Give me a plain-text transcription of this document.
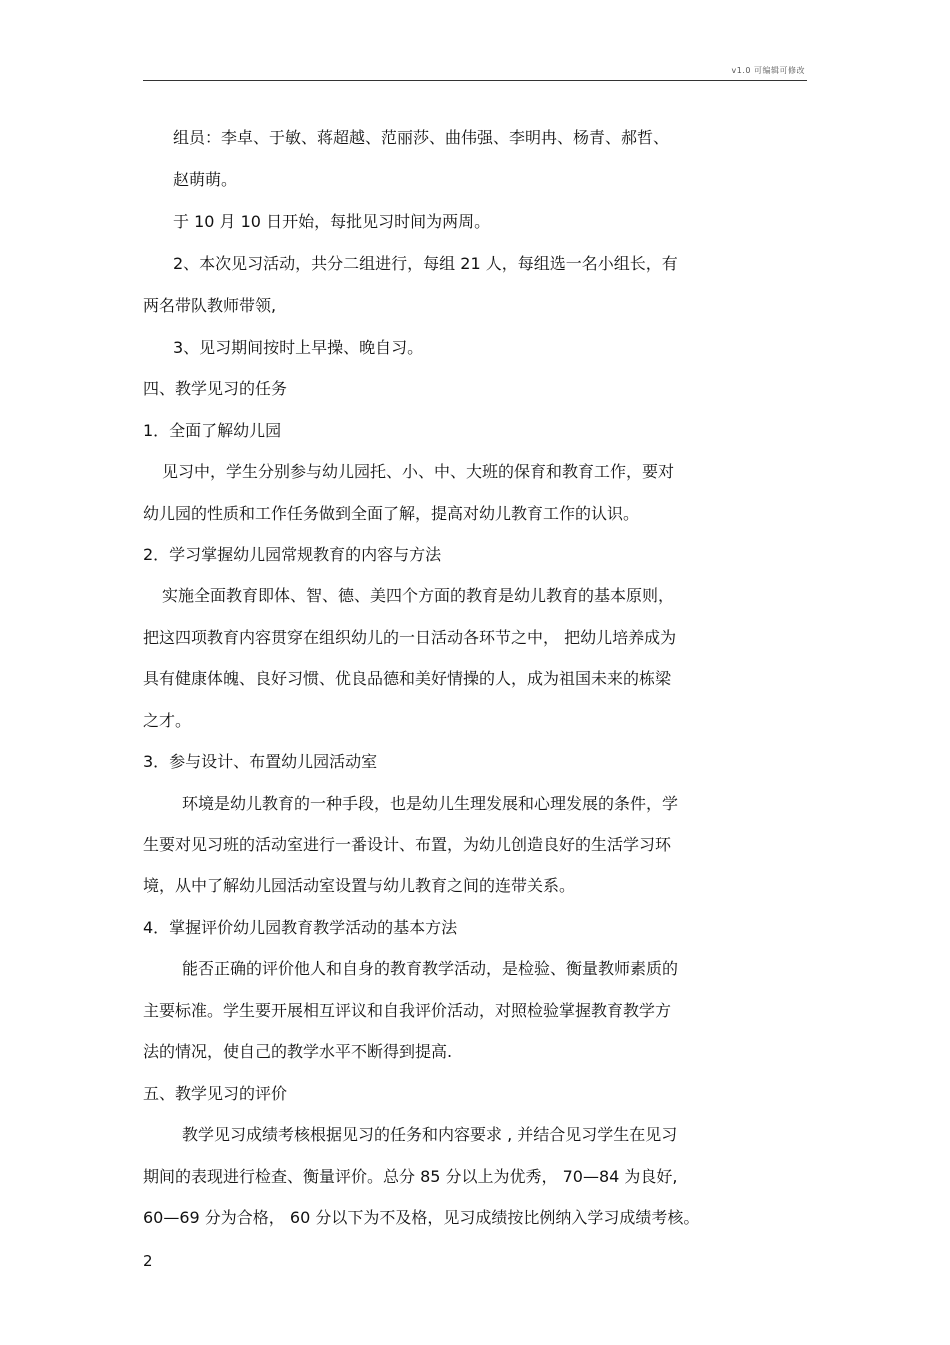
v1.0 可编辑可修改
组员：李卓、于敏、蒋超越、范丽莎、曲伟强、李明冉、杨青、郝哲、
赵萌萌。
于 10 月 10 日开始，每批见习时间为两周。
2、本次见习活动，共分二组进行，每组 21 人，每组选一名小组长，有
两名带队教师带领,
3、见习期间按时上早操、晚自习。
四、教学见习的任务
1．全面了解幼儿园
见习中，学生分别参与幼儿园托、小、中、大班的保育和教育工作，要对
幼儿园的性质和工作任务做到全面了解，提高对幼儿教育工作的认识。
2．学习掌握幼儿园常规教育的内容与方法
实施全面教育即体、智、德、美四个方面的教育是幼儿教育的基本原则，
把这四项教育内容贯穿在组织幼儿的一日活动各环节之中， 把幼儿培养成为
具有健康体魄、良好习惯、优良品德和美好情操的人，成为祖国未来的栋梁
之才。
3．参与设计、布置幼儿园活动室
环境是幼儿教育的一种手段，也是幼儿生理发展和心理发展的条件，学
生要对见习班的活动室进行一番设计、布置，为幼儿创造良好的生活学习环
境，从中了解幼儿园活动室设置与幼儿教育之间的连带关系。
4．掌握评价幼儿园教育教学活动的基本方法
能否正确的评价他人和自身的教育教学活动，是检验、衡量教师素质的
主要标准。学生要开展相互评议和自我评价活动，对照检验掌握教育教学方
法的情况，使自己的教学水平不断得到提高.
五、教学见习的评价
教学见习成绩考核根据见习的任务和内容要求 , 并结合见习学生在见习
期间的表现进行检查、衡量评价。总分 85 分以上为优秀， 70—84 为良好,
60—69 分为合格， 60 分以下为不及格，见习成绩按比例纳入学习成绩考核。
2
